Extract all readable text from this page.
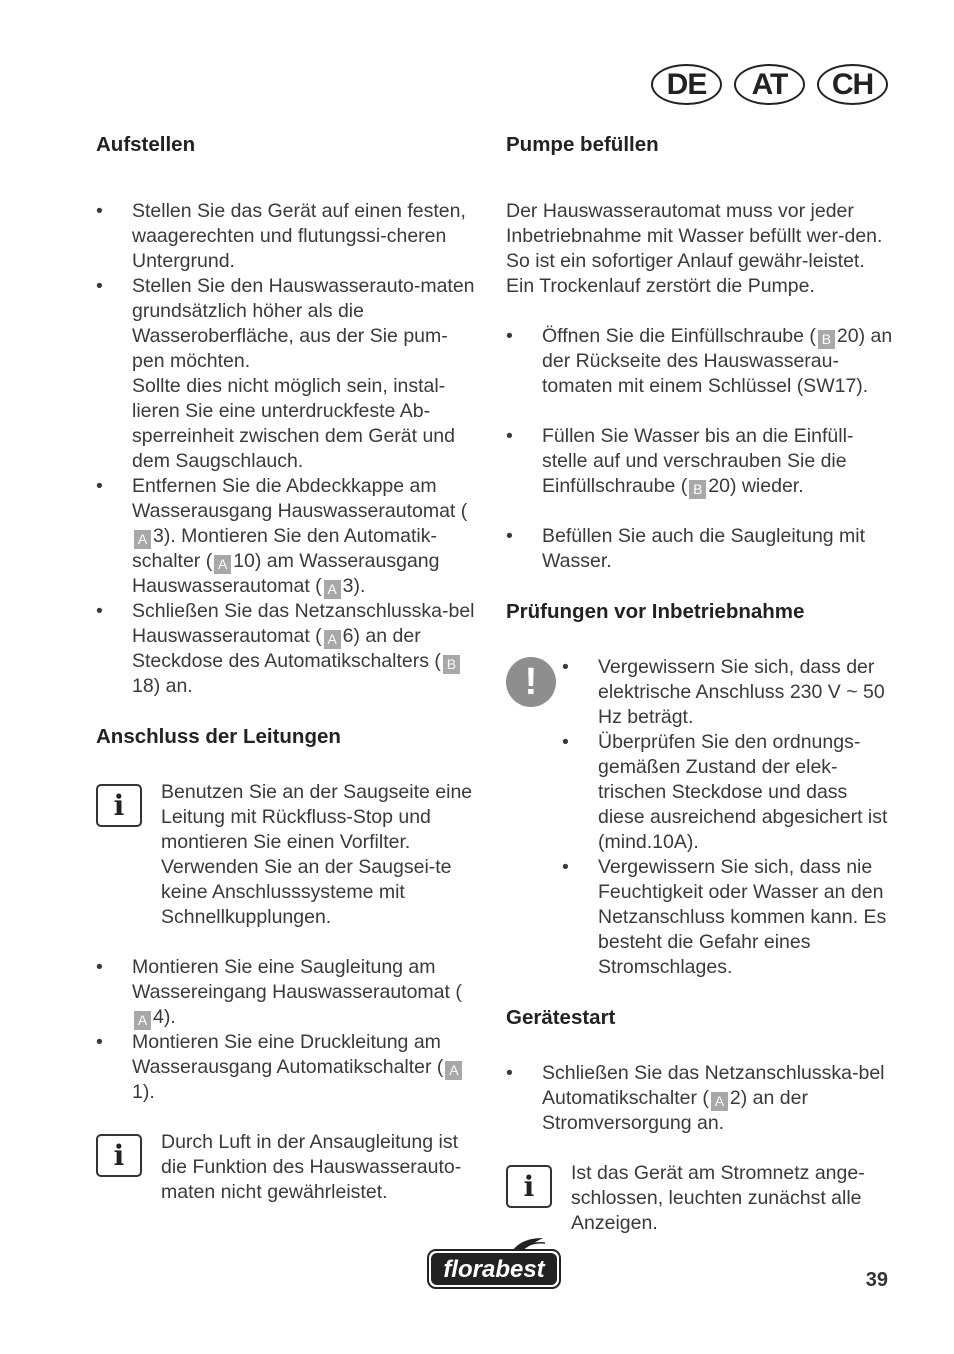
DE	AT	CH
Aufstellen
• Stellen Sie das Gerät auf einen festen, waagerechten und flutungssi-cheren Untergrund.
• Stellen Sie den Hauswasserauto-maten grundsätzlich höher als die Wasseroberfläche, aus der Sie pum-pen möchten.
Sollte dies nicht möglich sein, instal-lieren Sie eine unterdruckfeste Ab-sperreinheit zwischen dem Gerät und dem Saugschlauch.
• Entfernen Sie die Abdeckkappe am Wasserausgang Hauswasserautomat (A 3). Montieren Sie den Automatik-schalter ( A 10) am Wasserausgang Hauswasserautomat ( A 3).
• Schließen Sie das Netzanschlusska-bel Hauswasserautomat ( A 6) an der Steckdose des Automatikschalters ( B18) an.
Anschluss der Leitungen
i Benutzen Sie an der Saugseite eine Leitung mit Rückfluss-Stop und montieren Sie einen Vorfilter. Verwenden Sie an der Saugsei-te keine Anschlusssysteme mit Schnellkupplungen.
• Montieren Sie eine Saugleitung am Wassereingang Hauswasserautomat (A 4).
• Montieren Sie eine Druckleitung am Wasserausgang Automatikschalter ( A1).
i Durch Luft in der Ansaugleitung ist die Funktion des Hauswasserauto-maten nicht gewährleistet.
Pumpe befüllen

Der Hauswasserautomat muss vor jeder Inbetriebnahme mit Wasser befüllt wer-den. So ist ein sofortiger Anlauf gewähr-leistet. Ein Trockenlauf zerstört die Pumpe.

• Öffnen Sie die Einfüllschraube ( B 20) an der Rückseite des Hauswasserau-tomaten mit einem Schlüssel (SW17).
• Füllen Sie Wasser bis an die Einfüll-stelle auf und verschrauben Sie die Einfüllschraube ( B 20) wieder.
• Befüllen Sie auch die Saugleitung mit Wasser.
Prüfungen vor Inbetriebnahme
!
•	Vergewissern Sie sich, dass der elektrische Anschluss 230 V ~ 50 Hz beträgt.
• Überprüfen Sie den ordnungs-gemäßen Zustand der elek-trischen Steckdose und dass diese ausreichend abgesichert ist (mind.10A).
• Vergewissern Sie sich, dass nie Feuchtigkeit oder Wasser an den Netzanschluss kommen kann. Es besteht die Gefahr eines Stromschlages.
Gerätestart
• Schließen Sie das Netzanschlusska-bel Automatikschalter ( A 2) an der Stromversorgung an.
i Ist das Gerät am Stromnetz ange-schlossen, leuchten zunächst alle Anzeigen.
florabest	39
